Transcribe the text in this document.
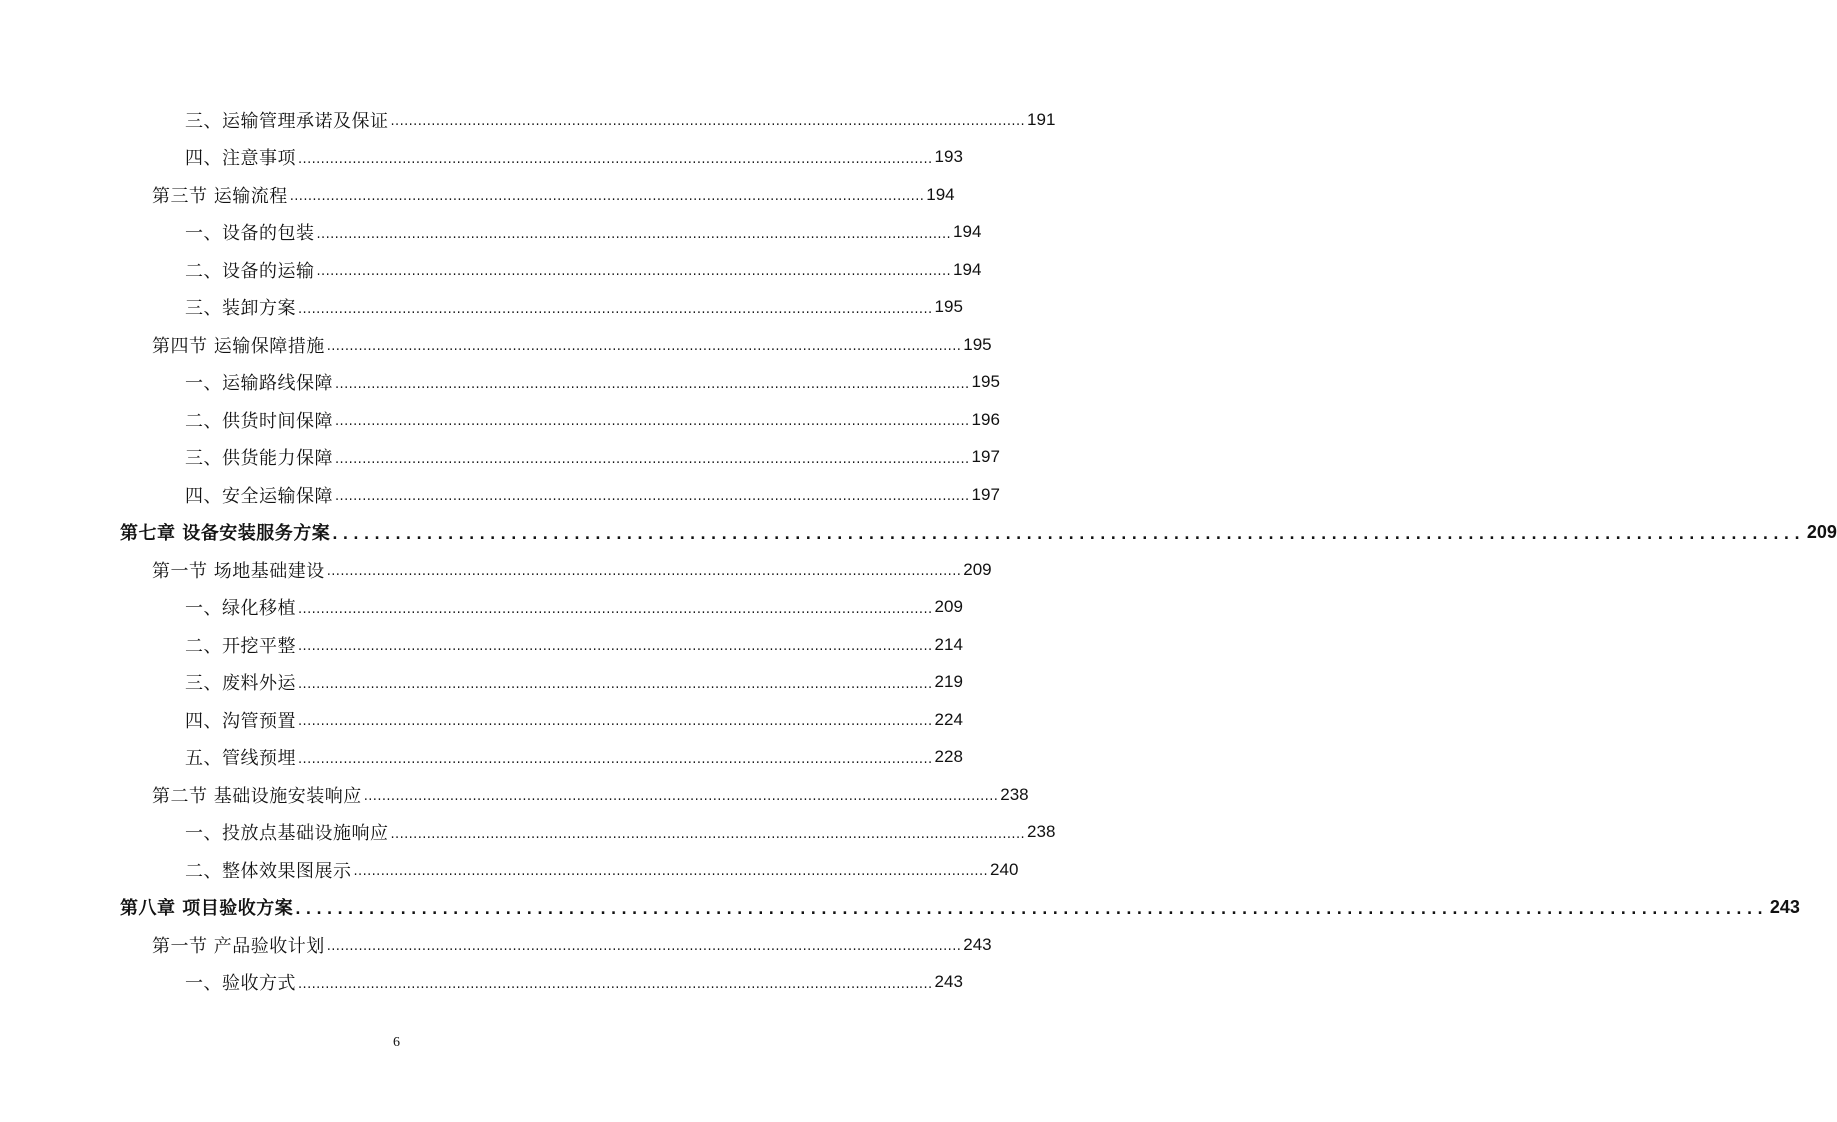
三、运输管理承诺及保证 ............................................................................................................................................ 191
四、注意事项 ............................................................................................................................................ 193
第三节 运输流程 ............................................................................................................................................ 194
一、设备的包装 ............................................................................................................................................ 194
二、设备的运输 ............................................................................................................................................ 194
三、装卸方案 ............................................................................................................................................ 195
第四节 运输保障措施 ............................................................................................................................................ 195
一、运输路线保障 ............................................................................................................................................ 195
二、供货时间保障 ............................................................................................................................................ 196
三、供货能力保障 ............................................................................................................................................ 197
四、安全运输保障 ............................................................................................................................................ 197
第七章 设备安装服务方案 ............................................................................................................................................ 209
第一节 场地基础建设 ............................................................................................................................................ 209
一、绿化移植 ............................................................................................................................................ 209
二、开挖平整 ............................................................................................................................................ 214
三、废料外运 ............................................................................................................................................ 219
四、沟管预置 ............................................................................................................................................ 224
五、管线预埋 ............................................................................................................................................ 228
第二节 基础设施安装响应 ............................................................................................................................................ 238
一、投放点基础设施响应 ............................................................................................................................................ 238
二、整体效果图展示 ............................................................................................................................................ 240
第八章 项目验收方案 ............................................................................................................................................ 243
第一节 产品验收计划 ............................................................................................................................................ 243
一、验收方式 ............................................................................................................................................ 243
6
